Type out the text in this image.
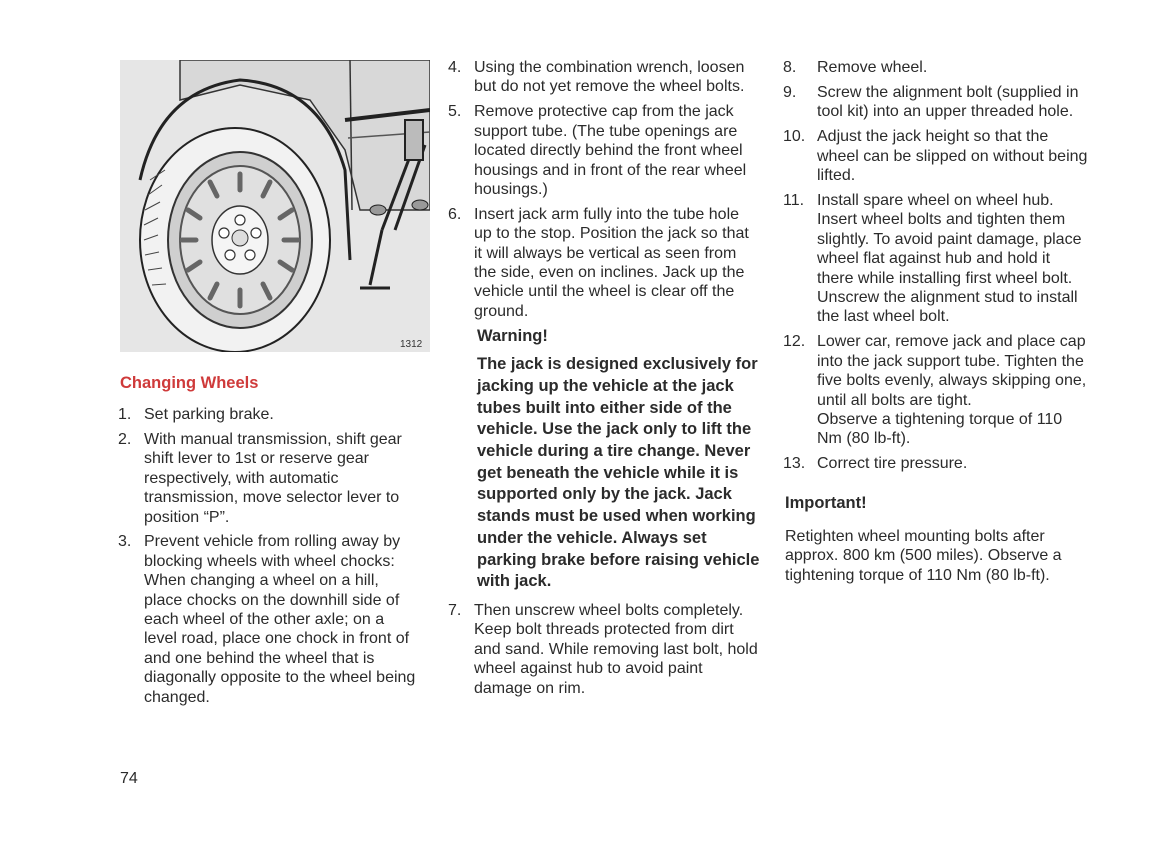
1312
Changing Wheels
1. Set parking brake.
2. With manual transmission, shift gear shift lever to 1st or reserve gear respectively, with automatic transmission, move selector lever to position “P”.
3. Prevent vehicle from rolling away by blocking wheels with wheel chocks: When changing a wheel on a hill, place chocks on the downhill side of each wheel of the other axle; on a level road, place one chock in front of and one behind the wheel that is diagonally opposite to the wheel being changed.
4. Using the combination wrench, loosen but do not yet remove the wheel bolts.
5. Remove protective cap from the jack support tube. (The tube openings are located directly behind the front wheel housings and in front of the rear wheel housings.)
6. Insert jack arm fully into the tube hole up to the stop. Position the jack so that it will always be vertical as seen from the side, even on inclines. Jack up the vehicle until the wheel is clear off the ground.
Warning!
The jack is designed exclusively for jacking up the vehicle at the jack tubes built into either side of the vehicle. Use the jack only to lift the vehicle during a tire change. Never get beneath the vehicle while it is supported only by the jack. Jack stands must be used when working under the vehicle. Always set parking brake before raising vehicle with jack.
7. Then unscrew wheel bolts completely. Keep bolt threads protected from dirt and sand. While removing last bolt, hold wheel against hub to avoid paint damage on rim.
8.	Remove wheel.
9.	Screw the alignment bolt (supplied in tool kit) into an upper threaded hole.
10. Adjust the jack height so that the wheel can be slipped on without being lifted.
11. Install spare wheel on wheel hub. Insert wheel bolts and tighten them slightly. To avoid paint damage, place wheel flat against hub and hold it there while installing first wheel bolt. Unscrew the alignment stud to install the last wheel bolt.
12. Lower car, remove jack and place cap into the jack support tube. Tighten the five bolts evenly, always skipping one, until all bolts are tight.
Observe a tightening torque of 110 Nm (80 lb-ft).
13. Correct tire pressure.
Important!
Retighten wheel mounting bolts after approx. 800 km (500 miles). Observe a tightening torque of 110 Nm (80 lb-ft).
74
